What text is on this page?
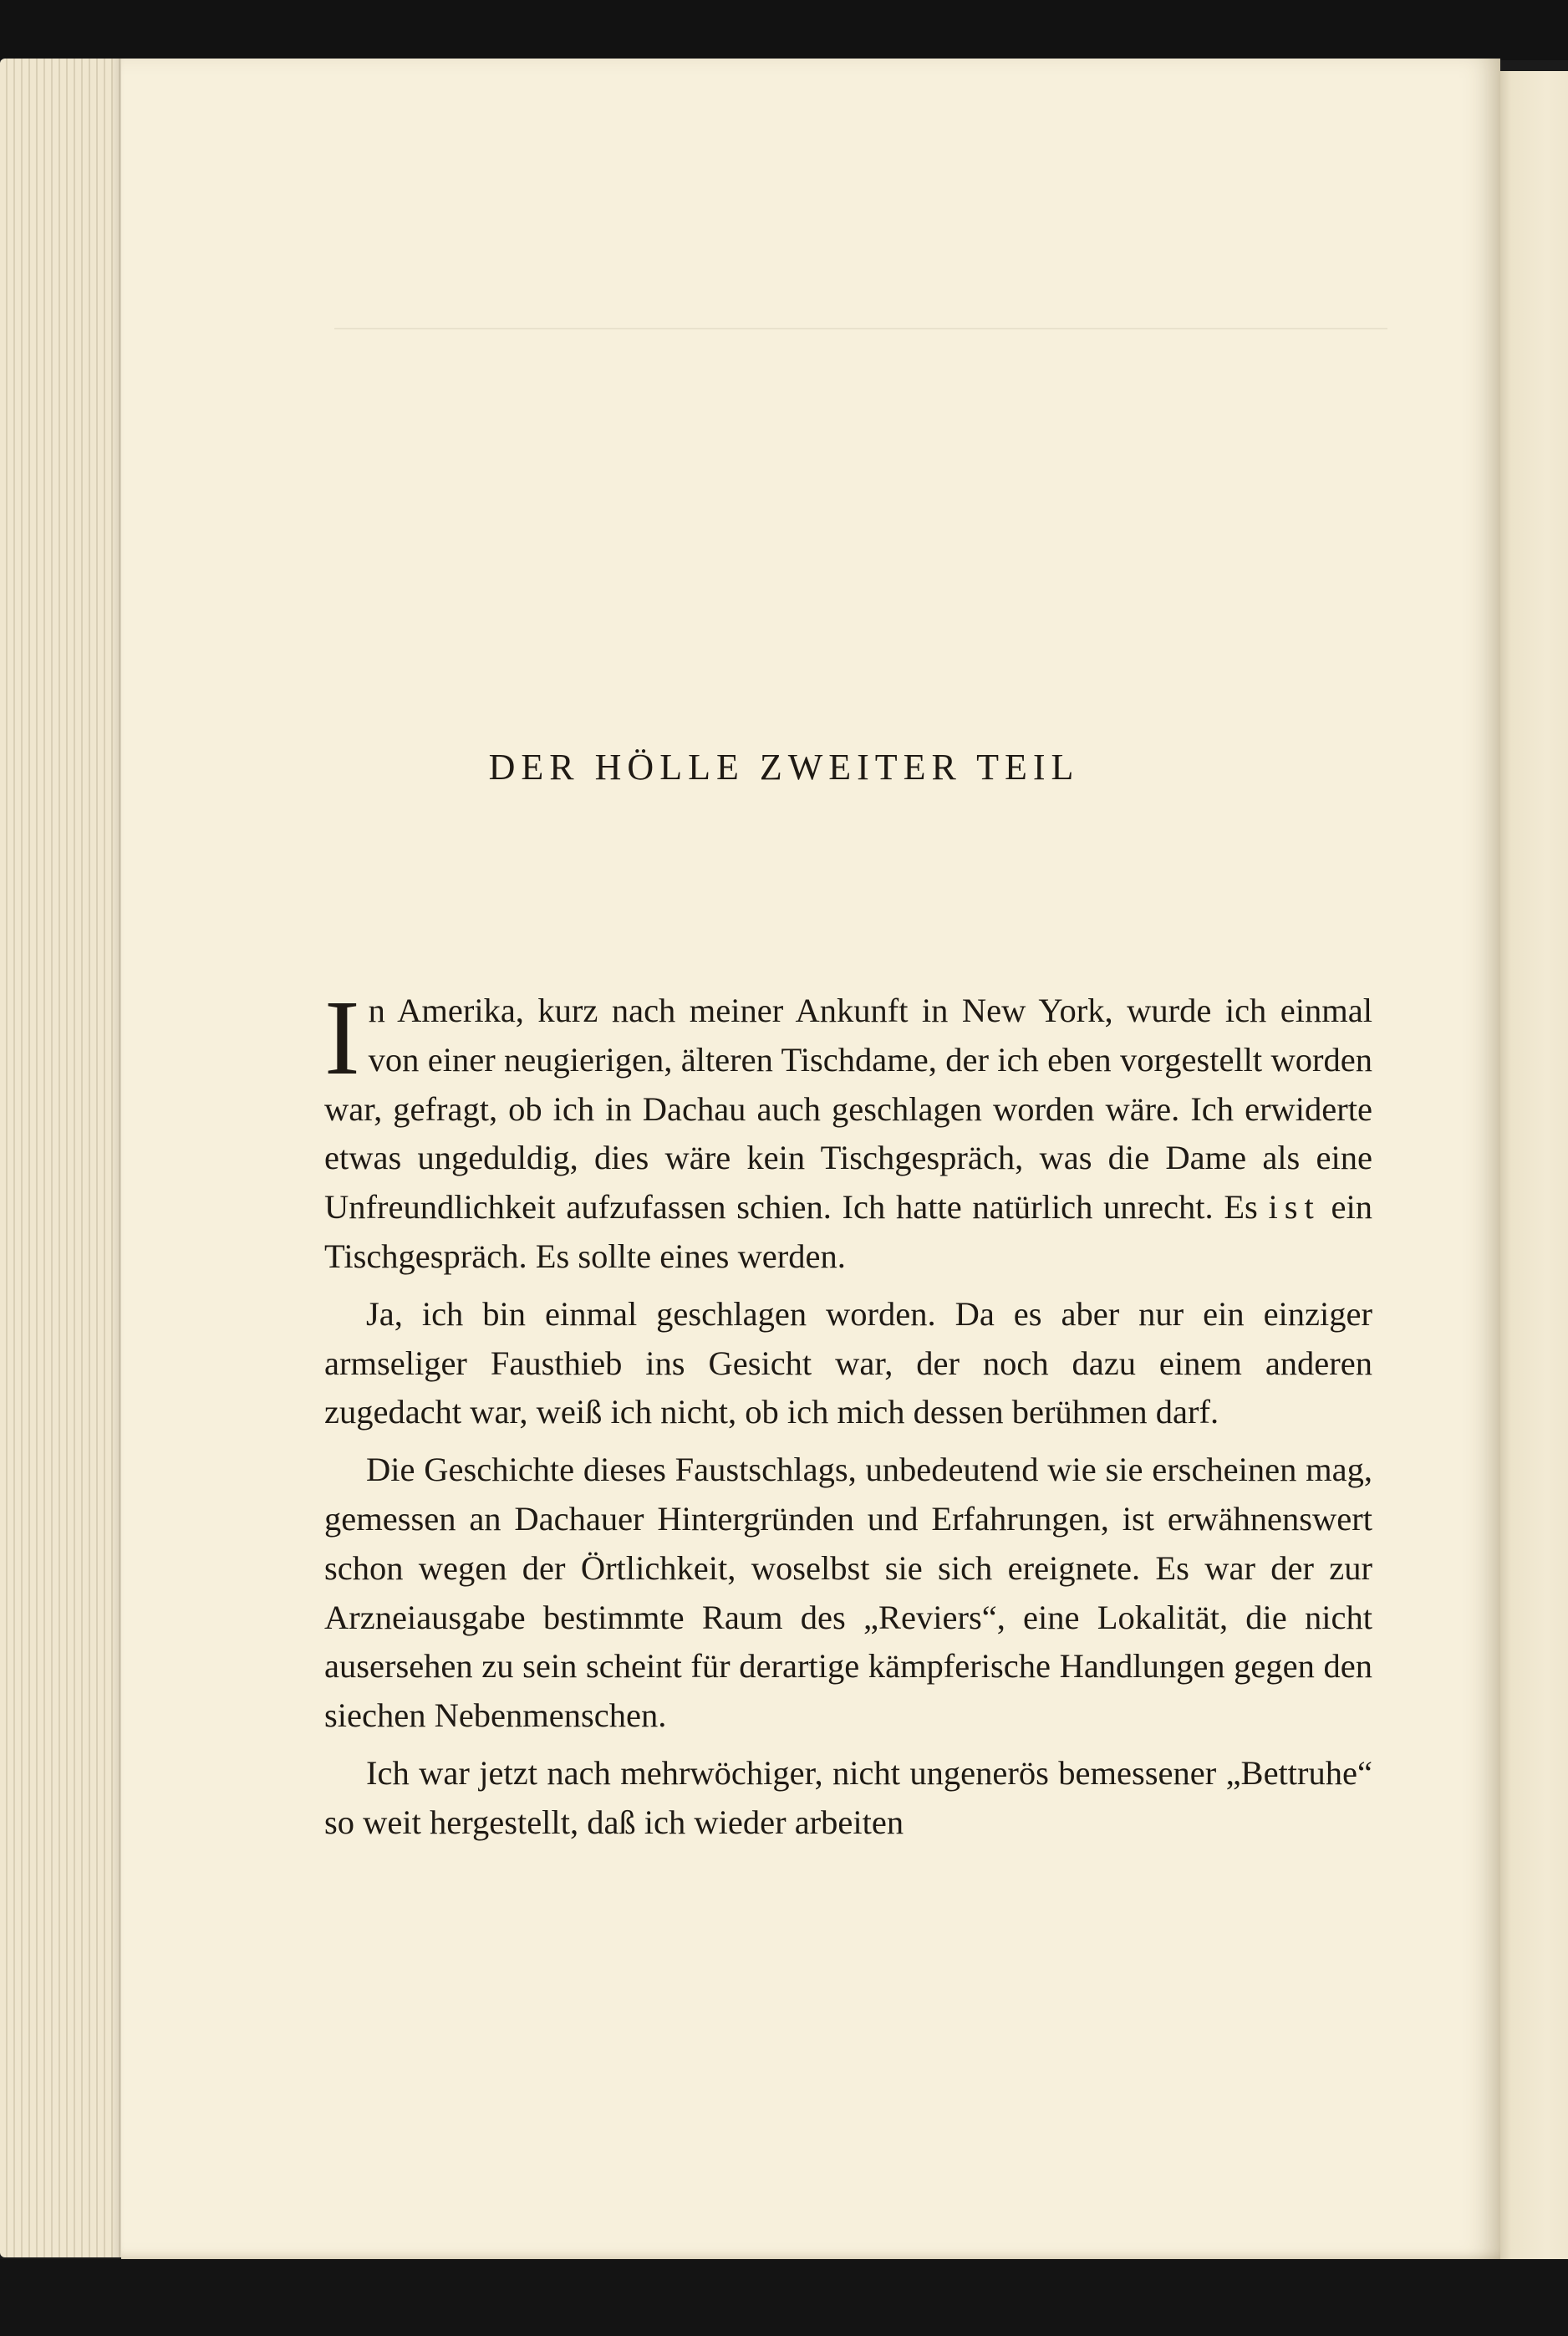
DER HÖLLE ZWEITER TEIL

In Amerika, kurz nach meiner Ankunft in New York, wurde ich einmal von einer neugierigen, älteren Tischdame, der ich eben vorgestellt worden war, gefragt, ob ich in Dachau auch geschlagen worden wäre. Ich erwiderte etwas ungeduldig, dies wäre kein Tischgespräch, was die Dame als eine Unfreundlichkeit aufzufassen schien. Ich hatte natürlich unrecht. Es ist ein Tischgespräch. Es sollte eines werden.

Ja, ich bin einmal geschlagen worden. Da es aber nur ein einziger armseliger Fausthieb ins Gesicht war, der noch dazu einem anderen zugedacht war, weiß ich nicht, ob ich mich dessen berühmen darf.

Die Geschichte dieses Faustschlags, unbedeutend wie sie erscheinen mag, gemessen an Dachauer Hintergründen und Erfahrungen, ist erwähnenswert schon wegen der Örtlichkeit, woselbst sie sich ereignete. Es war der zur Arzneiausgabe bestimmte Raum des „Reviers“, eine Lokalität, die nicht ausersehen zu sein scheint für derartige kämpferische Handlungen gegen den siechen Nebenmenschen.

Ich war jetzt nach mehrwöchiger, nicht ungenerös bemessener „Bettruhe“ so weit hergestellt, daß ich wieder arbeiten
